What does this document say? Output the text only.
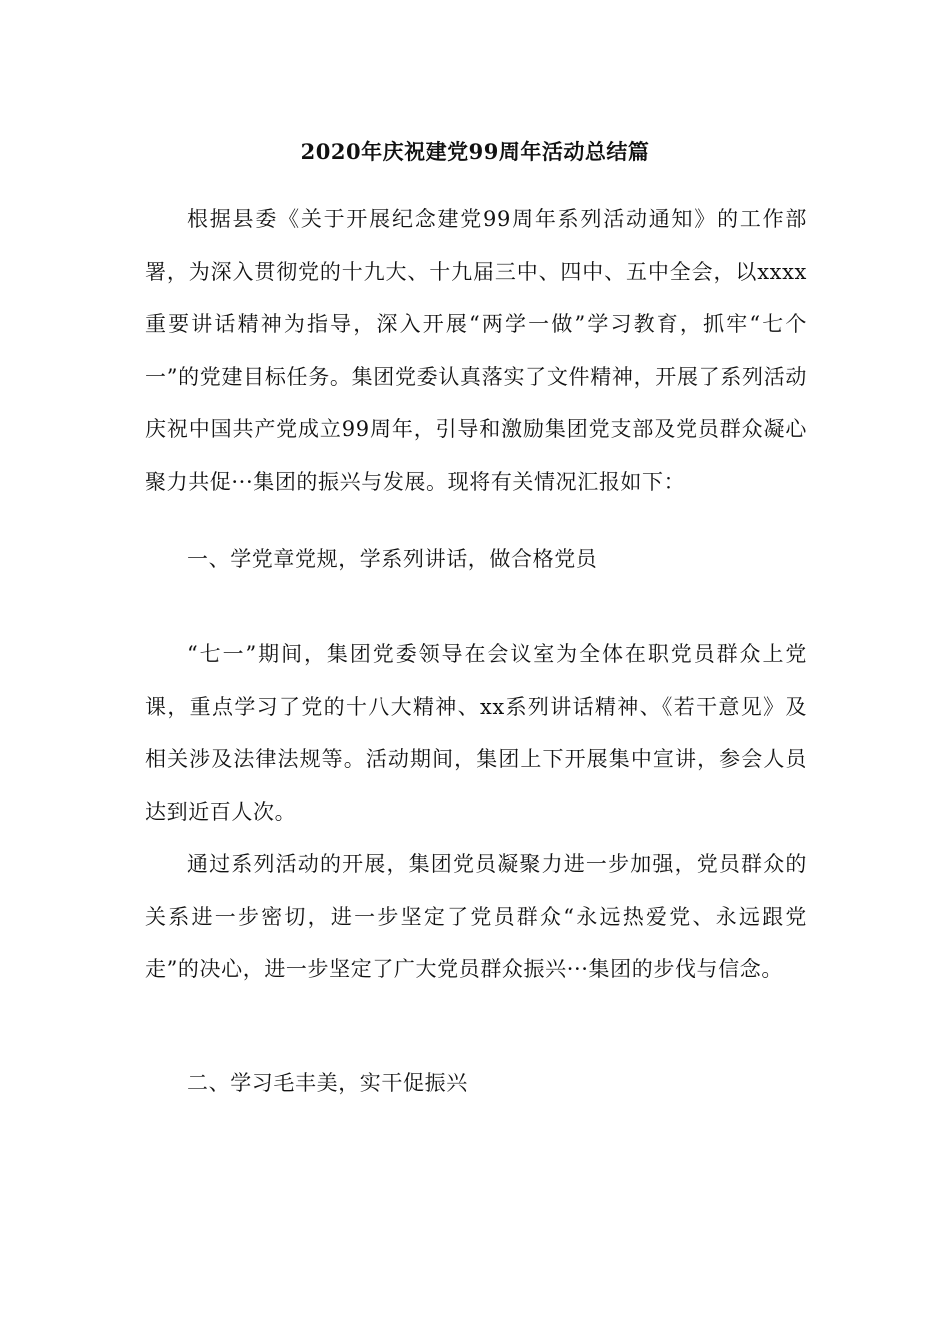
2020年庆祝建党99周年活动总结篇

根据县委《关于开展纪念建党99周年系列活动通知》的工作部署，为深入贯彻党的十九大、十九届三中、四中、五中全会，以xxxx重要讲话精神为指导，深入开展“两学一做”学习教育，抓牢“七个一”的党建目标任务。集团党委认真落实了文件精神，开展了系列活动庆祝中国共产党成立99周年，引导和激励集团党支部及党员群众凝心聚力共促···集团的振兴与发展。现将有关情况汇报如下：

一、学党章党规，学系列讲话，做合格党员

“七一”期间，集团党委领导在会议室为全体在职党员群众上党课，重点学习了党的十八大精神、xx系列讲话精神、《若干意见》及相关涉及法律法规等。活动期间，集团上下开展集中宣讲，参会人员达到近百人次。

通过系列活动的开展，集团党员凝聚力进一步加强，党员群众的关系进一步密切，进一步坚定了党员群众“永远热爱党、永远跟党走”的决心，进一步坚定了广大党员群众振兴···集团的步伐与信念。

二、学习毛丰美，实干促振兴
